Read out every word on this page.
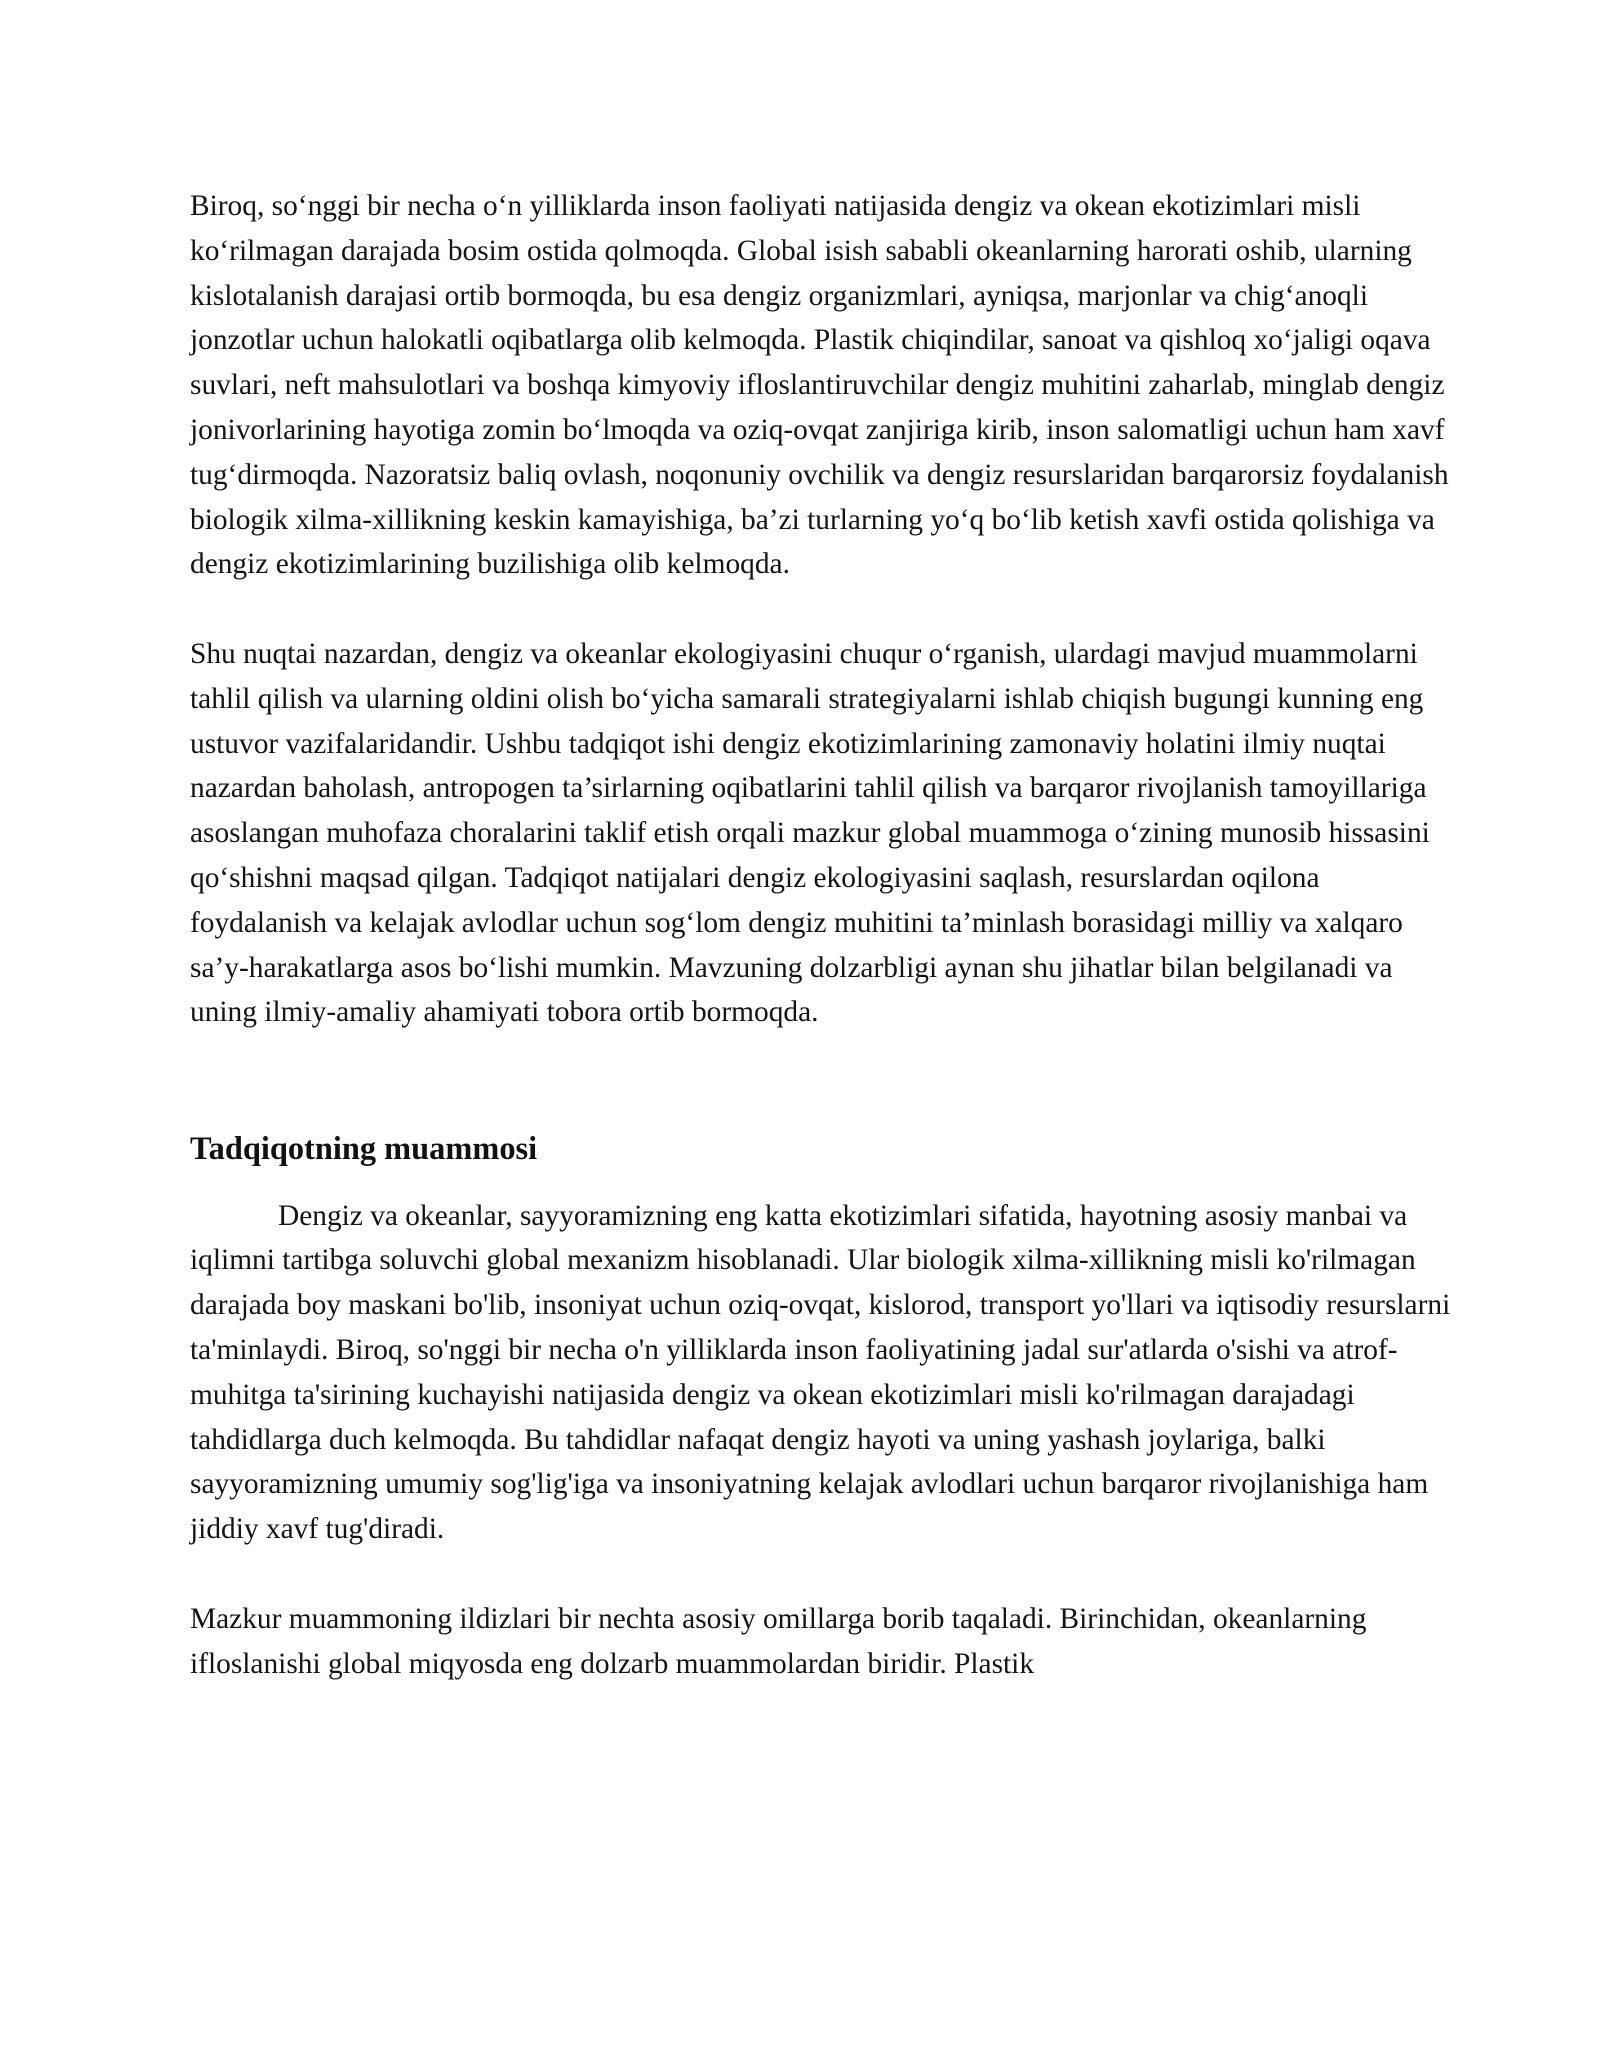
Biroq, so‘nggi bir necha o‘n yilliklarda inson faoliyati natijasida dengiz va okean ekotizimlari misli ko‘rilmagan darajada bosim ostida qolmoqda. Global isish sababli okeanlarning harorati oshib, ularning kislotalanish darajasi ortib bormoqda, bu esa dengiz organizmlari, ayniqsa, marjonlar va chig‘anoqli jonzotlar uchun halokatli oqibatlarga olib kelmoqda. Plastik chiqindilar, sanoat va qishloq xo‘jaligi oqava suvlari, neft mahsulotlari va boshqa kimyoviy ifloslantiruvchilar dengiz muhitini zaharlab, minglab dengiz jonivorlarining hayotiga zomin bo‘lmoqda va oziq-ovqat zanjiriga kirib, inson salomatligi uchun ham xavf tug‘dirmoqda. Nazoratsiz baliq ovlash, noqonuniy ovchilik va dengiz resurslaridan barqarorsiz foydalanish biologik xilma-xillikning keskin kamayishiga, ba’zi turlarning yo‘q bo‘lib ketish xavfi ostida qolishiga va dengiz ekotizimlarining buzilishiga olib kelmoqda.

Shu nuqtai nazardan, dengiz va okeanlar ekologiyasini chuqur o‘rganish, ulardagi mavjud muammolarni tahlil qilish va ularning oldini olish bo‘yicha samarali strategiyalarni ishlab chiqish bugungi kunning eng ustuvor vazifalaridandir. Ushbu tadqiqot ishi dengiz ekotizimlarining zamonaviy holatini ilmiy nuqtai nazardan baholash, antropogen ta’sirlarning oqibatlarini tahlil qilish va barqaror rivojlanish tamoyillariga asoslangan muhofaza choralarini taklif etish orqali mazkur global muammoga o‘zining munosib hissasini qo‘shishni maqsad qilgan. Tadqiqot natijalari dengiz ekologiyasini saqlash, resurslardan oqilona foydalanish va kelajak avlodlar uchun sog‘lom dengiz muhitini ta’minlash borasidagi milliy va xalqaro sa’y-harakatlarga asos bo‘lishi mumkin. Mavzuning dolzarbligi aynan shu jihatlar bilan belgilanadi va uning ilmiy-amaliy ahamiyati tobora ortib bormoqda.

Tadqiqotning muammosi

Dengiz va okeanlar, sayyoramizning eng katta ekotizimlari sifatida, hayotning asosiy manbai va iqlimni tartibga soluvchi global mexanizm hisoblanadi. Ular biologik xilma-xillikning misli ko'rilmagan darajada boy maskani bo'lib, insoniyat uchun oziq-ovqat, kislorod, transport yo'llari va iqtisodiy resurslarni ta'minlaydi. Biroq, so'nggi bir necha o'n yilliklarda inson faoliyatining jadal sur'atlarda o'sishi va atrof-muhitga ta'sirining kuchayishi natijasida dengiz va okean ekotizimlari misli ko'rilmagan darajadagi tahdidlarga duch kelmoqda. Bu tahdidlar nafaqat dengiz hayoti va uning yashash joylariga, balki sayyoramizning umumiy sog'lig'iga va insoniyatning kelajak avlodlari uchun barqaror rivojlanishiga ham jiddiy xavf tug'diradi.

Mazkur muammoning ildizlari bir nechta asosiy omillarga borib taqaladi. Birinchidan, okeanlarning ifloslanishi global miqyosda eng dolzarb muammolardan biridir. Plastik
